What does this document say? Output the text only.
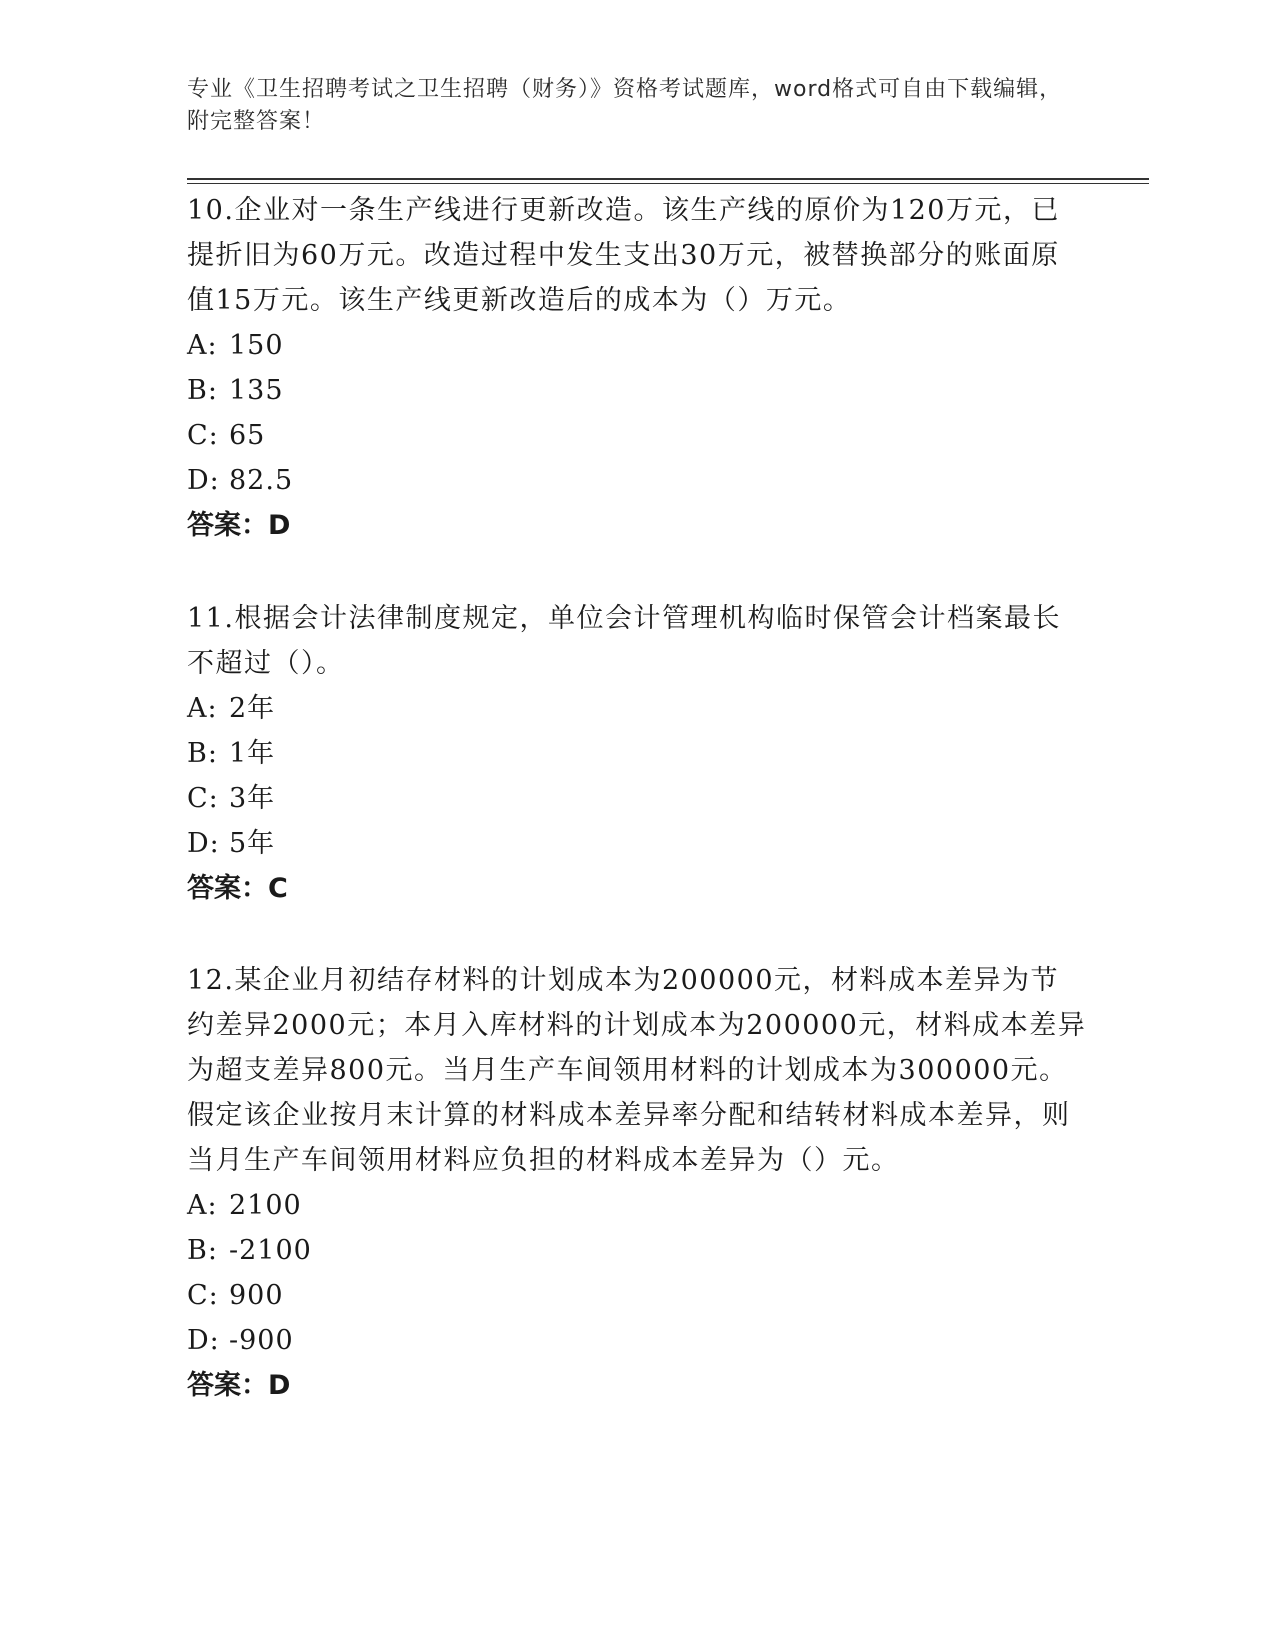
专业《卫生招聘考试之卫生招聘（财务）》资格考试题库，word格式可自由下载编辑，附完整答案！

10.企业对一条生产线进行更新改造。该生产线的原价为120万元，已提折旧为60万元。改造过程中发生支出30万元，被替换部分的账面原值15万元。该生产线更新改造后的成本为（）万元。

A: 150

B: 135

C: 65

D: 82.5

答案：D

11.根据会计法律制度规定，单位会计管理机构临时保管会计档案最长不超过（）。

A: 2年

B: 1年

C: 3年

D: 5年

答案：C

12.某企业月初结存材料的计划成本为200000元，材料成本差异为节约差异2000元；本月入库材料的计划成本为200000元，材料成本差异为超支差异800元。当月生产车间领用材料的计划成本为300000元。假定该企业按月末计算的材料成本差异率分配和结转材料成本差异，则当月生产车间领用材料应负担的材料成本差异为（）元。

A: 2100

B: -2100

C: 900

D: -900

答案：D
